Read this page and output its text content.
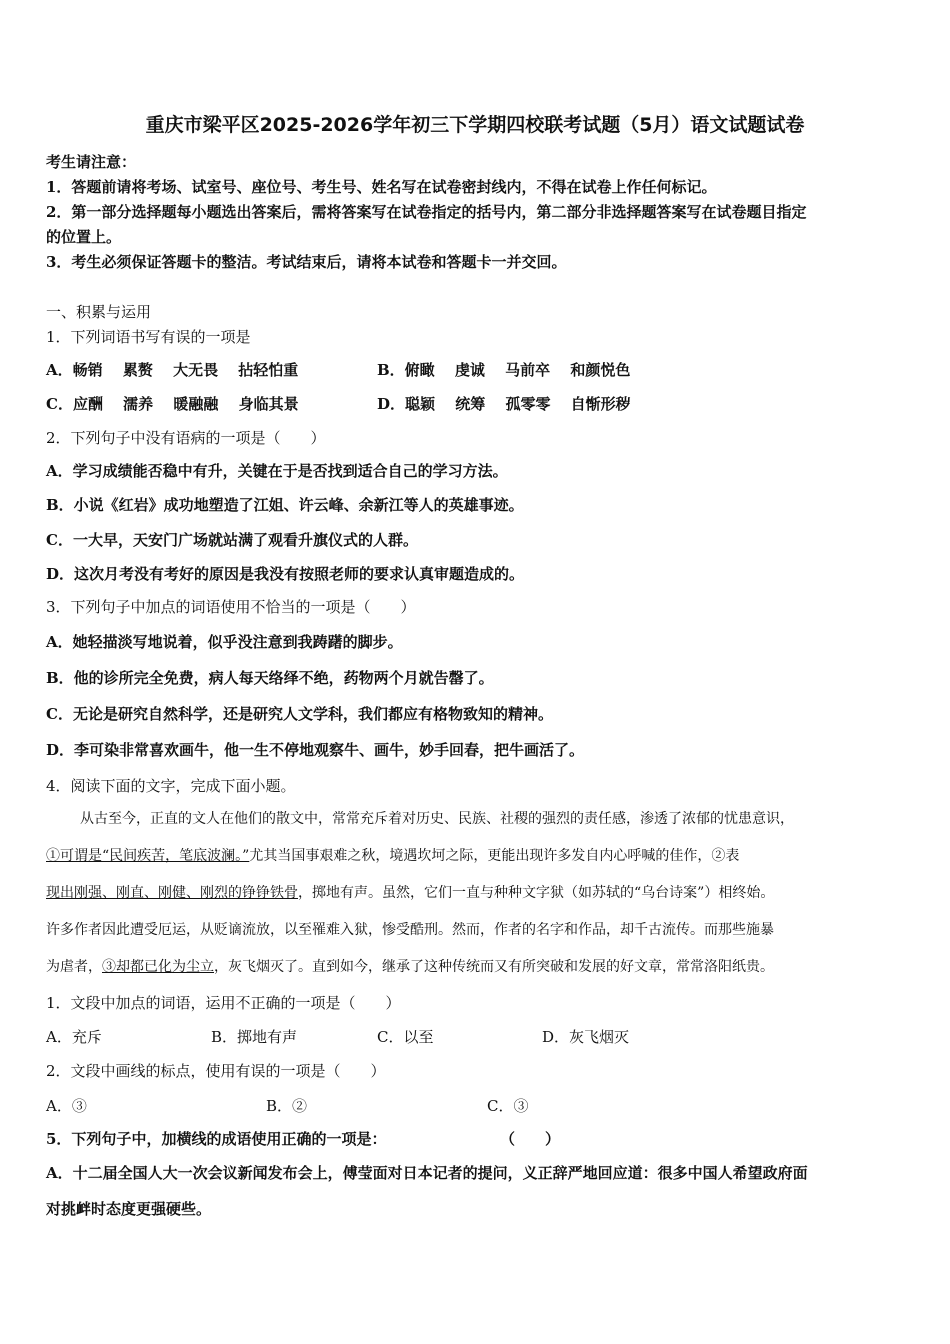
重庆市梁平区2025-2026学年初三下学期四校联考试题（5月）语文试题试卷
考生请注意：
1．答题前请将考场、试室号、座位号、考生号、姓名写在试卷密封线内，不得在试卷上作任何标记。
2．第一部分选择题每小题选出答案后，需将答案写在试卷指定的括号内，第二部分非选择题答案写在试卷题目指定
的位置上。
3．考生必须保证答题卡的整洁。考试结束后，请将本试卷和答题卡一并交回。
一、积累与运用
1．下列词语书写有误的一项是
A．畅销　 累赘　 大无畏　 拈轻怕重	B．俯瞰　 虔诚　 马前卒　 和颜悦色
C．应酬　 濡养　 暖融融　 身临其景	D．聪颖　 统筹　 孤零零　 自惭形秽
2．下列句子中没有语病的一项是（　　）
A．学习成绩能否稳中有升，关键在于是否找到适合自己的学习方法。
B．小说《红岩》成功地塑造了江姐、许云峰、余新江等人的英雄事迹。
C．一大早，天安门广场就站满了观看升旗仪式的人群。
D．这次月考没有考好的原因是我没有按照老师的要求认真审题造成的。
3．下列句子中加点的词语使用不恰当的一项是（　　）
A．她轻描淡写地说着，似乎没注意到我踌躇的脚步。
B．他的诊所完全免费，病人每天络绎不绝，药物两个月就告罄了。
C．无论是研究自然科学，还是研究人文学科，我们都应有格物致知的精神。
D．李可染非常喜欢画牛，他一生不停地观察牛、画牛，妙手回春，把牛画活了。
4．阅读下面的文字，完成下面小题。
从古至今，正直的文人在他们的散文中，常常充斥着对历史、民族、社稷的强烈的责任感，渗透了浓郁的忧患意识，
①可谓是“民间疾苦，笔底波澜。”尤其当国事艰难之秋，境遇坎坷之际，更能出现许多发自内心呼喊的佳作，②表
现出刚强、刚直、刚健、刚烈的铮铮铁骨，掷地有声。虽然，它们一直与种种文字狱（如苏轼的“乌台诗案”）相终始。
许多作者因此遭受厄运，从贬谪流放，以至罹难入狱，惨受酷刑。然而，作者的名字和作品，却千古流传。而那些施暴
为虐者，③却都已化为尘立，灰飞烟灭了。直到如今，继承了这种传统而又有所突破和发展的好文章，常常洛阳纸贵。
1．文段中加点的词语，运用不正确的一项是（　　）
A．充斥	B．掷地有声	C．以至	D．灰飞烟灭
2．文段中画线的标点，使用有误的一项是（　　）
A．③	B．②	C．③
5．下列句子中，加横线的成语使用正确的一项是：	（　　）
A．十二届全国人大一次会议新闻发布会上，傅莹面对日本记者的提问，义正辞严地回应道：很多中国人希望政府面
对挑衅时态度更强硬些。
